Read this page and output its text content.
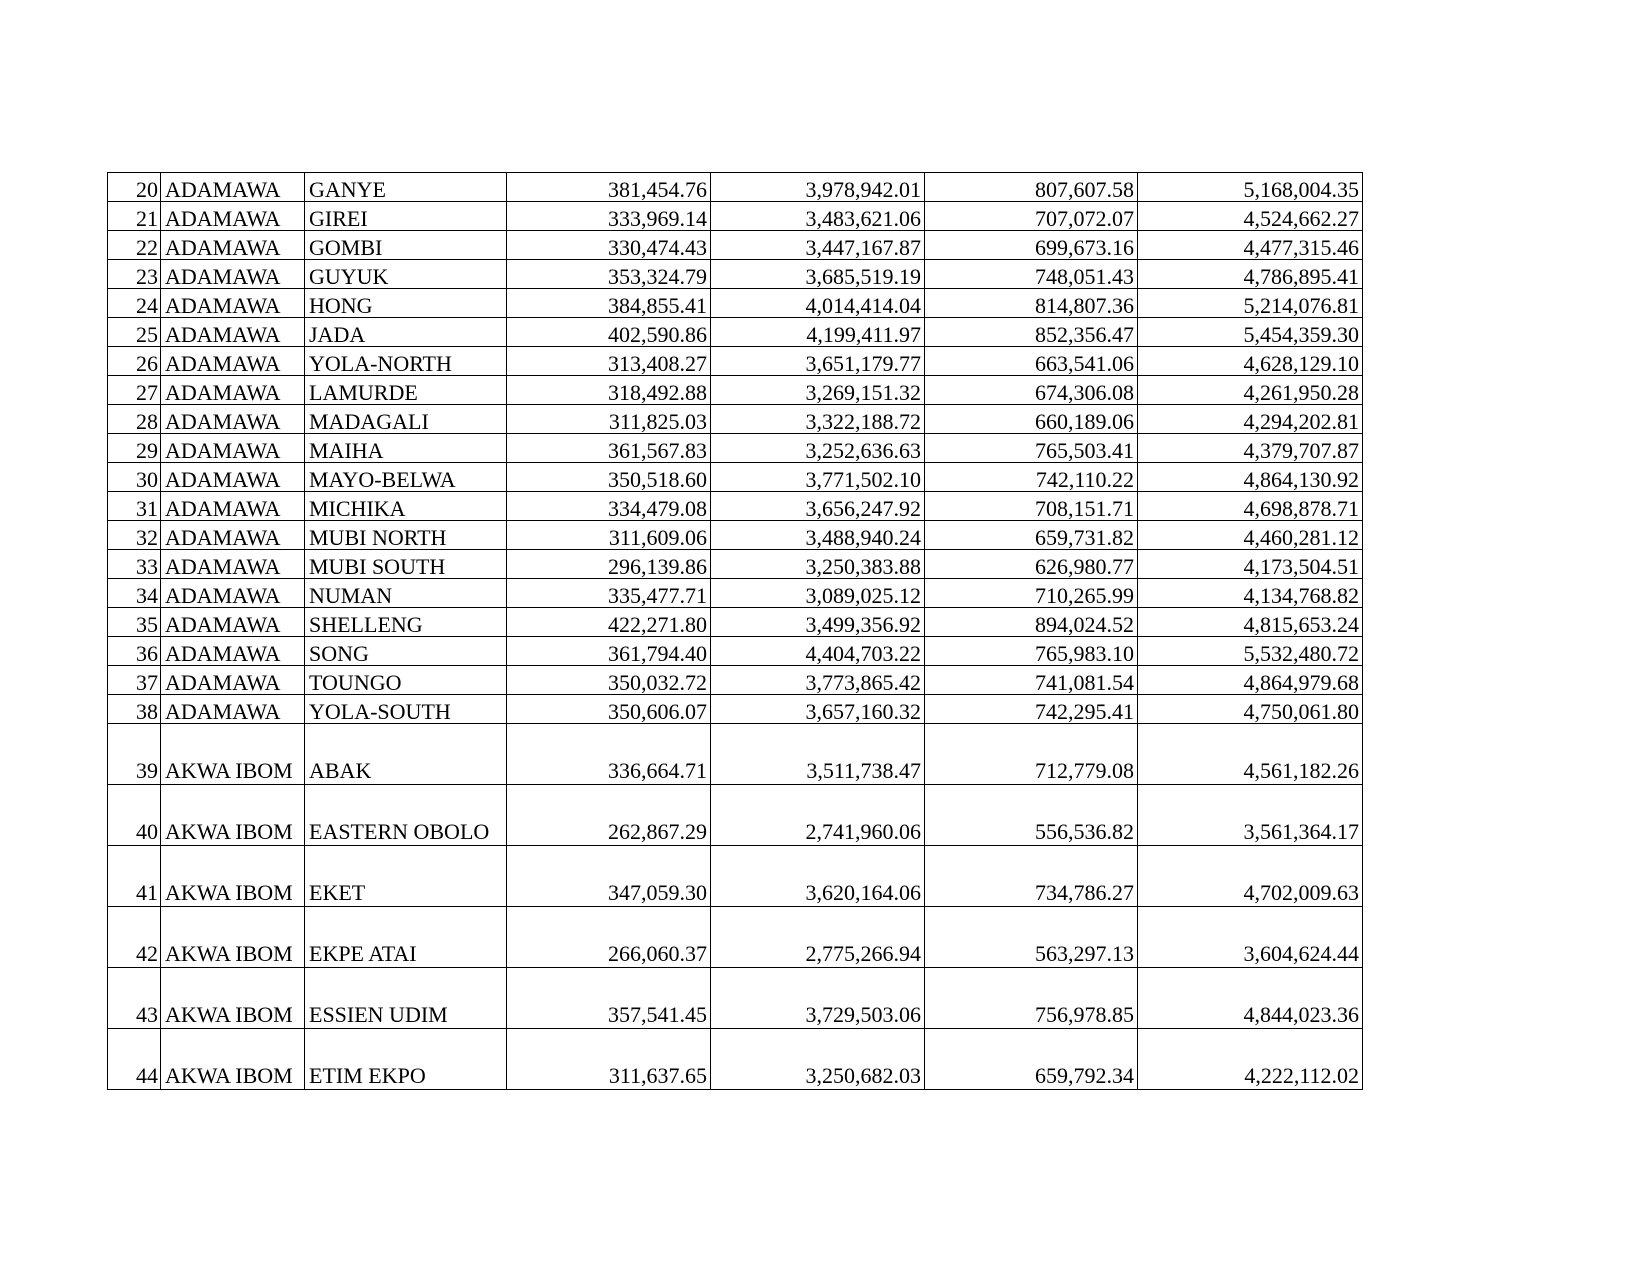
20	ADAMAWA	GANYE	381,454.76	3,978,942.01	807,607.58	5,168,004.35
21	ADAMAWA	GIREI	333,969.14	3,483,621.06	707,072.07	4,524,662.27
22	ADAMAWA	GOMBI	330,474.43	3,447,167.87	699,673.16	4,477,315.46
23	ADAMAWA	GUYUK	353,324.79	3,685,519.19	748,051.43	4,786,895.41
24	ADAMAWA	HONG	384,855.41	4,014,414.04	814,807.36	5,214,076.81
25	ADAMAWA	JADA	402,590.86	4,199,411.97	852,356.47	5,454,359.30
26	ADAMAWA	YOLA-NORTH	313,408.27	3,651,179.77	663,541.06	4,628,129.10
27	ADAMAWA	LAMURDE	318,492.88	3,269,151.32	674,306.08	4,261,950.28
28	ADAMAWA	MADAGALI	311,825.03	3,322,188.72	660,189.06	4,294,202.81
29	ADAMAWA	MAIHA	361,567.83	3,252,636.63	765,503.41	4,379,707.87
30	ADAMAWA	MAYO-BELWA	350,518.60	3,771,502.10	742,110.22	4,864,130.92
31	ADAMAWA	MICHIKA	334,479.08	3,656,247.92	708,151.71	4,698,878.71
32	ADAMAWA	MUBI NORTH	311,609.06	3,488,940.24	659,731.82	4,460,281.12
33	ADAMAWA	MUBI SOUTH	296,139.86	3,250,383.88	626,980.77	4,173,504.51
34	ADAMAWA	NUMAN	335,477.71	3,089,025.12	710,265.99	4,134,768.82
35	ADAMAWA	SHELLENG	422,271.80	3,499,356.92	894,024.52	4,815,653.24
36	ADAMAWA	SONG	361,794.40	4,404,703.22	765,983.10	5,532,480.72
37	ADAMAWA	TOUNGO	350,032.72	3,773,865.42	741,081.54	4,864,979.68
38	ADAMAWA	YOLA-SOUTH	350,606.07	3,657,160.32	742,295.41	4,750,061.80
39	AKWA IBOM	ABAK	336,664.71	3,511,738.47	712,779.08	4,561,182.26
40	AKWA IBOM	EASTERN OBOLO	262,867.29	2,741,960.06	556,536.82	3,561,364.17
41	AKWA IBOM	EKET	347,059.30	3,620,164.06	734,786.27	4,702,009.63
42	AKWA IBOM	EKPE ATAI	266,060.37	2,775,266.94	563,297.13	3,604,624.44
43	AKWA IBOM	ESSIEN UDIM	357,541.45	3,729,503.06	756,978.85	4,844,023.36
44	AKWA IBOM	ETIM EKPO	311,637.65	3,250,682.03	659,792.34	4,222,112.02
